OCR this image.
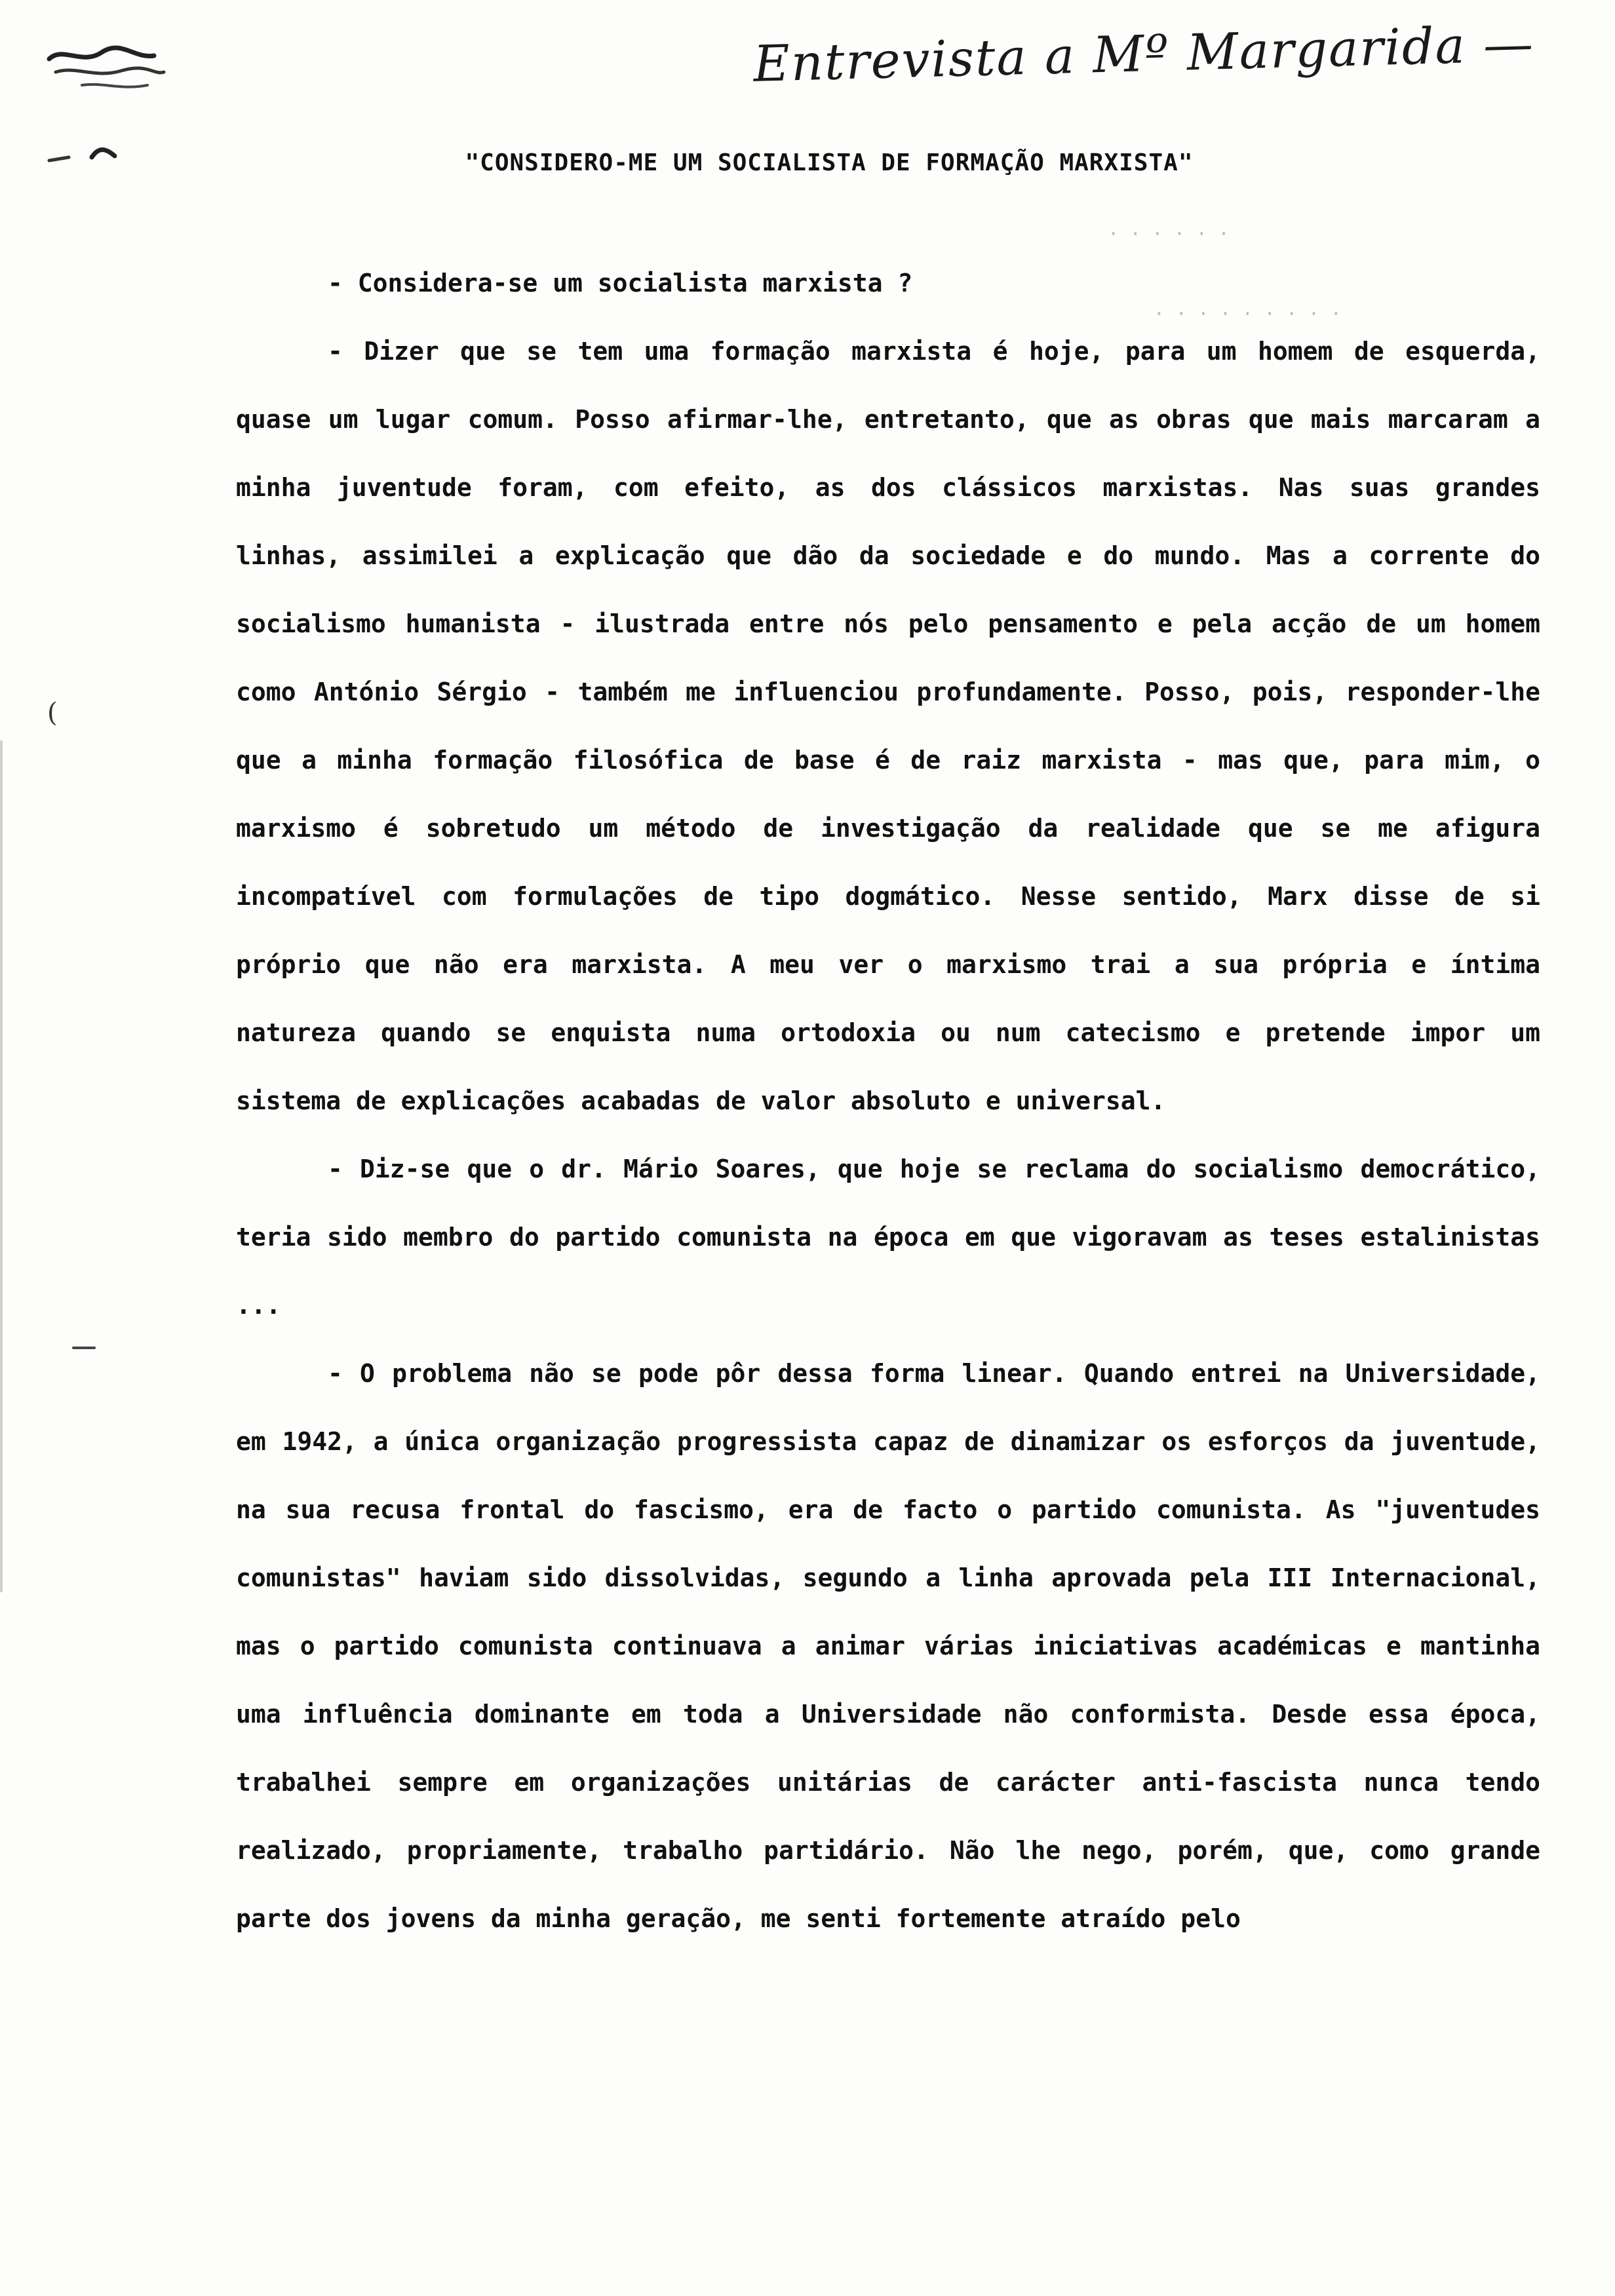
Entrevista a Mº Margarida —
· · · · · ·
· · · · · · · · ·
"CONSIDERO-ME UM SOCIALISTA DE FORMAÇÃO MARXISTA"

- Considera-se um socialista marxista ?

- Dizer que se tem uma formação marxista é hoje, para um homem de esquerda, quase um lugar comum. Posso afirmar-lhe, entretanto, que as obras que mais marcaram a minha juventude foram, com efeito, as dos clássicos marxistas. Nas suas grandes linhas, assimilei a explicação que dão da sociedade e do mundo. Mas a corrente do socialismo humanista - ilustrada entre nós pelo pensamento e pela acção de um homem como António Sérgio - também me influenciou profundamente. Posso, pois, responder-lhe que a minha formação filosófica de base é de raiz marxista - mas que, para mim, o marxismo é sobretudo um método de investigação da realidade que se me afigura incompatível com formulações de tipo dogmático. Nesse sentido, Marx disse de si próprio que não era marxista. A meu ver o marxismo trai a sua própria e íntima natureza quando se enquista numa ortodoxia ou num catecismo e pretende impor um sistema de explicações acabadas de valor absoluto e universal.

- Diz-se que o dr. Mário Soares, que hoje se reclama do socialismo democrático, teria sido membro do partido comunista na época em que vigoravam as teses estalinistas ...

- O problema não se pode pôr dessa forma linear. Quando entrei na Universidade, em 1942, a única organização progressista capaz de dinamizar os esforços da juventude, na sua recusa frontal do fascismo, era de facto o partido comunista. As "juventudes comunistas" haviam sido dissolvidas, segundo a linha aprovada pela III Internacional, mas o partido comunista continuava a animar várias iniciativas académicas e mantinha uma influência dominante em toda a Universidade não conformista. Desde essa época, trabalhei sempre em organizações unitárias de carácter anti-fascista nunca tendo realizado, propriamente, trabalho partidário. Não lhe nego, porém, que, como grande parte dos jovens da minha geração, me senti fortemente atraído pelo

(
